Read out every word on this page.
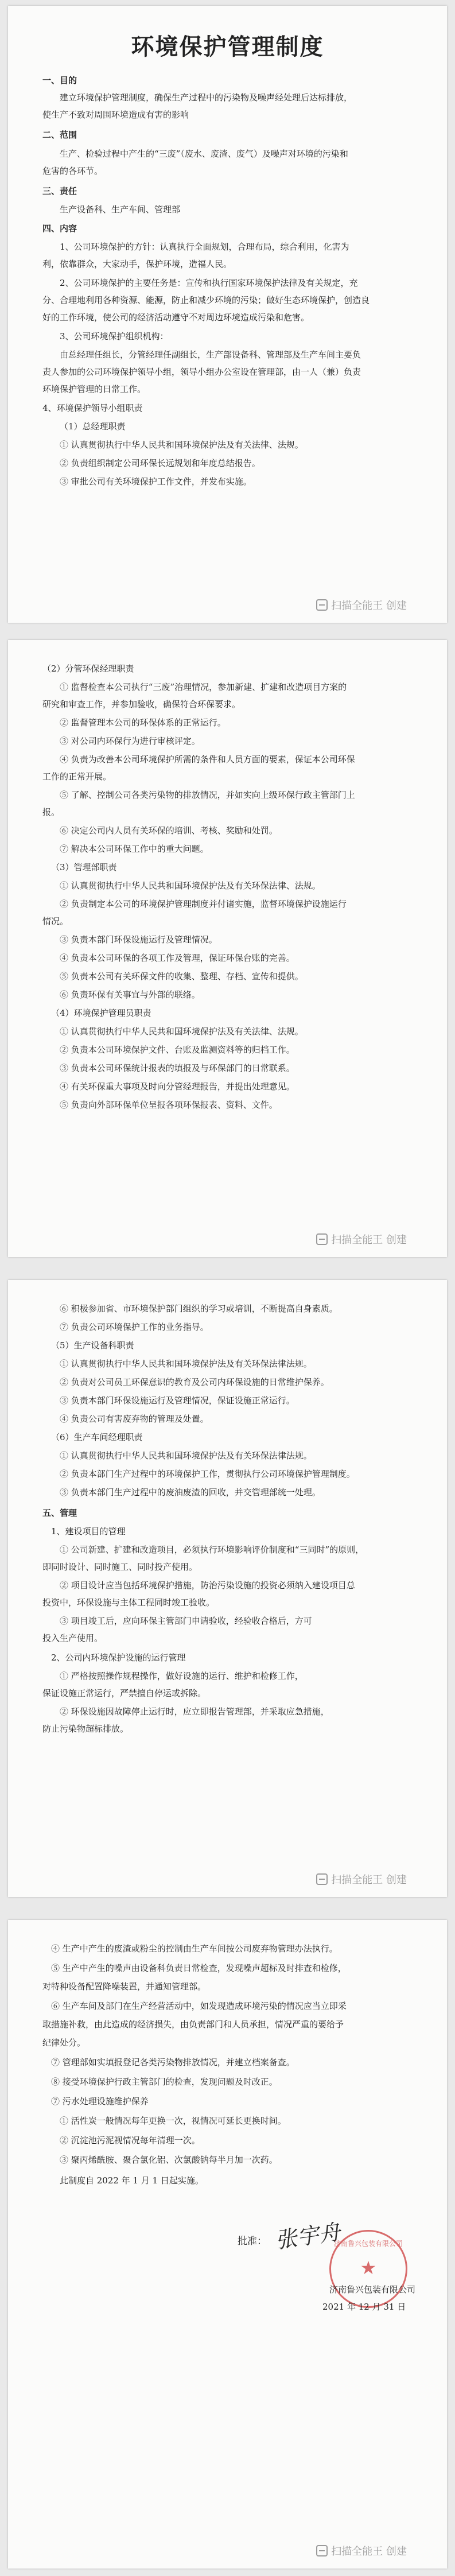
环境保护管理制度
一、目的
建立环境保护管理制度，确保生产过程中的污染物及噪声经处理后达标排放，
使生产不致对周围环境造成有害的影响
二、范围
生产、检验过程中产生的“三废”（废水、废渣、废气）及噪声对环境的污染和
危害的各环节。
三、责任
生产设备科、生产车间、管理部
四、内容
1、公司环境保护的方针：认真执行全面规划，合理布局，综合利用，化害为
利，依靠群众，大家动手，保护环境，造福人民。
2、公司环境保护的主要任务是：宣传和执行国家环境保护法律及有关规定，充
分、合理地利用各种资源、能源，防止和减少环境的污染；做好生态环境保护，创造良
好的工作环境，使公司的经济活动遵守不对周边环境造成污染和危害。
3、公司环境保护组织机构：
由总经理任组长，分管经理任副组长，生产部设备科、管理部及生产车间主要负
责人参加的公司环境保护领导小组，领导小组办公室设在管理部，由一人（兼）负责
环境保护管理的日常工作。
4、环境保护领导小组职责
（1）总经理职责
① 认真贯彻执行中华人民共和国环境保护法及有关法律、法规。
② 负责组织制定公司环保长远规划和年度总结报告。
③ 审批公司有关环境保护工作文件，并发布实施。
扫描全能王 创建
（2）分管环保经理职责
① 监督检查本公司执行“三废”治理情况，参加新建、扩建和改造项目方案的
研究和审查工作，并参加验收，确保符合环保要求。
② 监督管理本公司的环保体系的正常运行。
③ 对公司内环保行为进行审核评定。
④ 负责为改善本公司环境保护所需的条件和人员方面的要素，保证本公司环保
工作的正常开展。
⑤ 了解、控制公司各类污染物的排放情况，并如实向上级环保行政主管部门上
报。
⑥ 决定公司内人员有关环保的培训、考核、奖励和处罚。
⑦ 解决本公司环保工作中的重大问题。
（3）管理部职责
① 认真贯彻执行中华人民共和国环境保护法及有关环保法律、法规。
② 负责制定本公司的环境保护管理制度并付诸实施，监督环境保护设施运行
情况。
③ 负责本部门环保设施运行及管理情况。
④ 负责本公司环保的各项工作及管理，保证环保台账的完善。
⑤ 负责本公司有关环保文件的收集、整理、存档、宣传和提供。
⑥ 负责环保有关事宜与外部的联络。
（4）环境保护管理员职责
① 认真贯彻执行中华人民共和国环境保护法及有关法律、法规。
② 负责本公司环境保护文件、台账及监测资料等的归档工作。
③ 负责本公司环保统计报表的填报及与环保部门的日常联系。
④ 有关环保重大事项及时向分管经理报告，并提出处理意见。
⑤ 负责向外部环保单位呈报各项环保报表、资料、文件。
扫描全能王 创建
⑥ 积极参加省、市环境保护部门组织的学习或培训，不断提高自身素质。
⑦ 负责公司环境保护工作的业务指导。
（5）生产设备科职责
① 认真贯彻执行中华人民共和国环境保护法及有关环保法律法规。
② 负责对公司员工环保意识的教育及公司内环保设施的日常维护保养。
③ 负责本部门环保设施运行及管理情况，保证设施正常运行。
④ 负责公司有害废弃物的管理及处置。
（6）生产车间经理职责
① 认真贯彻执行中华人民共和国环境保护法及有关环保法律法规。
② 负责本部门生产过程中的环境保护工作，贯彻执行公司环境保护管理制度。
③ 负责本部门生产过程中的废油废渣的回收，并交管理部统一处理。
五、管理
1、建设项目的管理
① 公司新建、扩建和改造项目，必须执行环境影响评价制度和“三同时”的原则，
即同时设计、同时施工、同时投产使用。
② 项目设计应当包括环境保护措施，防治污染设施的投资必须纳入建设项目总
投资中，环保设施与主体工程同时竣工验收。
③ 项目竣工后，应向环保主管部门申请验收，经验收合格后，方可
投入生产使用。
2、公司内环境保护设施的运行管理
① 严格按照操作规程操作，做好设施的运行、维护和检修工作，
保证设施正常运行，严禁擅自停运或拆除。
② 环保设施因故障停止运行时，应立即报告管理部，并采取应急措施，
防止污染物超标排放。
扫描全能王 创建
④ 生产中产生的废渣或粉尘的控制由生产车间按公司废弃物管理办法执行。
⑤ 生产中产生的噪声由设备科负责日常检查，发现噪声超标及时排查和检修，
对特种设备配置降噪装置，并通知管理部。
⑥ 生产车间及部门在生产经营活动中，如发现造成环境污染的情况应当立即采
取措施补救，由此造成的经济损失，由负责部门和人员承担，情况严重的要给予
纪律处分。
⑦ 管理部如实填报登记各类污染物排放情况，并建立档案备查。
⑧ 接受环境保护行政主管部门的检查，发现问题及时改正。
⑦ 污水处理设施维护保养
① 活性炭一般情况每年更换一次，视情况可延长更换时间。
② 沉淀池污泥视情况每年清理一次。
③ 聚丙烯酰胺、聚合氯化铝、次氯酸钠每半月加一次药。
此制度自 2022 年 1 月 1 日起实施。
批准： 张宇舟
济南鲁兴包装有限公司
★
济南鲁兴包装有限公司
2021 年 12 月 31 日
扫描全能王 创建
